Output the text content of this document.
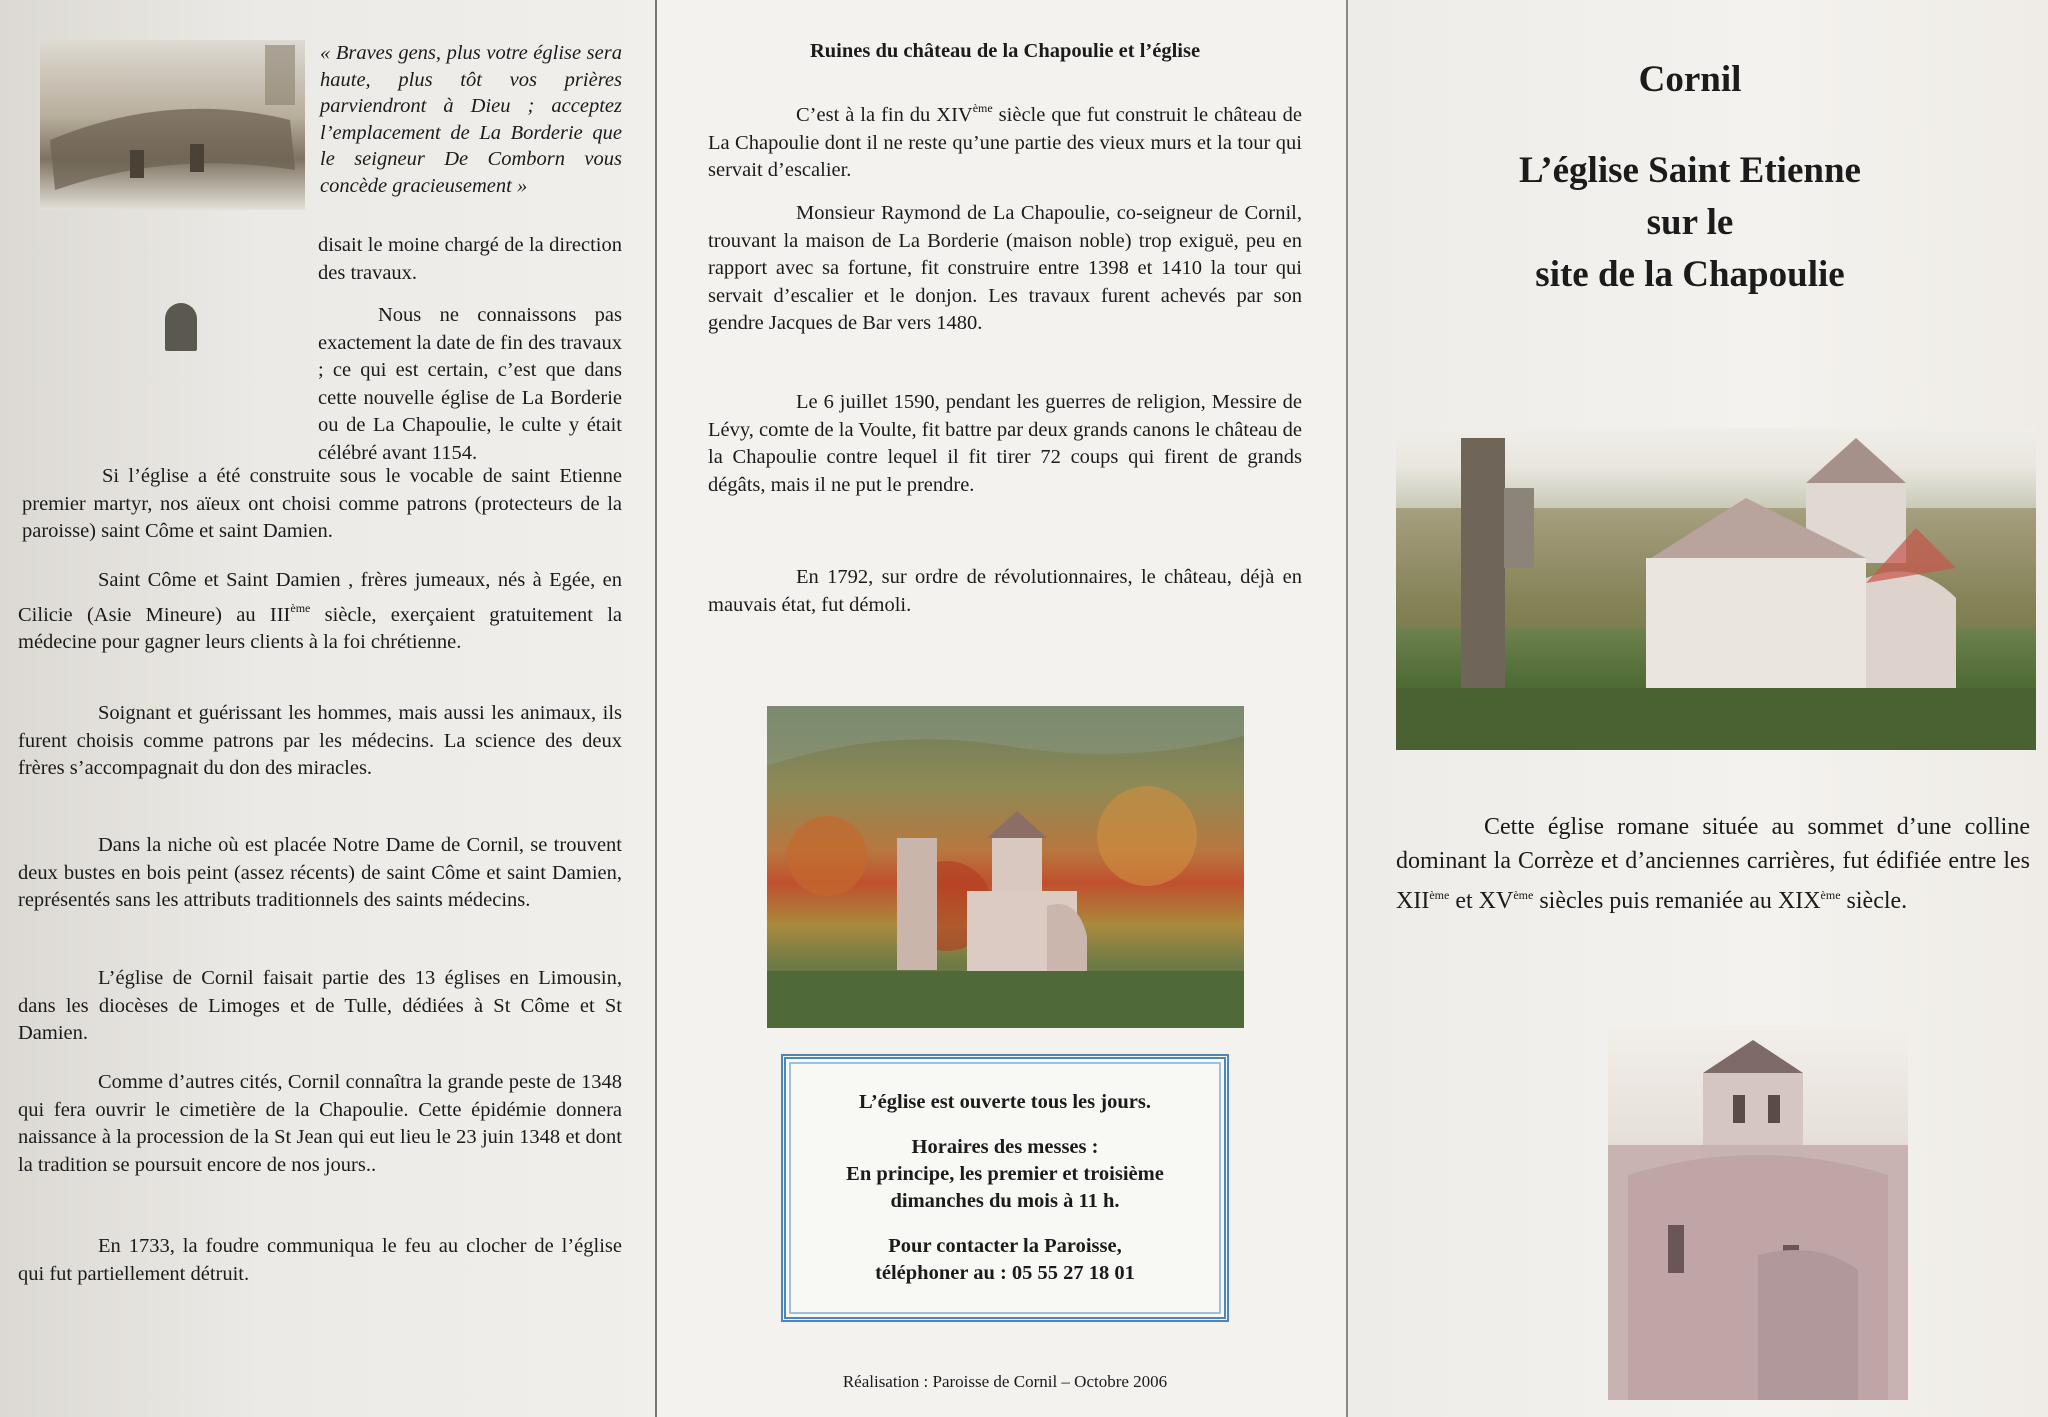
« Braves gens, plus votre église sera haute, plus tôt vos prières parviendront à Dieu ; acceptez l’emplacement de La Borderie que le seigneur De Comborn vous concède gracieusement »
disait le moine chargé de la direction des travaux.
Nous ne connaissons pas exactement la date de fin des travaux ; ce qui est certain, c’est que dans cette nouvelle église de La Borderie ou de La Chapoulie, le culte y était célébré avant 1154.
Si l’église a été construite sous le vocable de saint Etienne premier martyr, nos aïeux ont choisi comme patrons (protecteurs de la paroisse) saint Côme et saint Damien.
Saint Côme et Saint Damien , frères jumeaux, nés à Egée, en Cilicie (Asie Mineure) au IIIème siècle, exerçaient gratuitement la médecine pour gagner leurs clients à la foi chrétienne.
Soignant et guérissant les hommes, mais aussi les animaux, ils furent choisis comme patrons par les médecins. La science des deux frères s’accompagnait du don des miracles.
Dans la niche où est placée Notre Dame de Cornil, se trouvent deux bustes en bois peint (assez récents) de saint Côme et saint Damien, représentés sans les attributs traditionnels des saints médecins.
L’église de Cornil faisait partie des 13 églises en Limousin, dans les diocèses de Limoges et de Tulle, dédiées à St Côme et St Damien.
Comme d’autres cités, Cornil connaîtra la grande peste de 1348 qui fera ouvrir le cimetière de la Chapoulie. Cette épidémie donnera naissance à la procession de la St Jean qui eut lieu le 23 juin 1348 et dont la tradition se poursuit encore de nos jours..
En 1733, la foudre communiqua le feu au clocher de l’église qui fut partiellement détruit.
Ruines du château de la Chapoulie et l’église
C’est à la fin du XIVème siècle que fut construit le château de La Chapoulie dont il ne reste qu’une partie des vieux murs et la tour qui servait d’escalier.
Monsieur Raymond de La Chapoulie, co-seigneur de Cornil, trouvant la maison de La Borderie (maison noble) trop exiguë, peu en rapport avec sa fortune, fit construire entre 1398 et 1410 la tour qui servait d’escalier et le donjon. Les travaux furent achevés par son gendre Jacques de Bar vers 1480.
Le 6 juillet 1590, pendant les guerres de religion, Messire de Lévy, comte de la Voulte, fit battre par deux grands canons le château de la Chapoulie contre lequel il fit tirer 72 coups qui firent de grands dégâts, mais il ne put le prendre.
En 1792, sur ordre de révolutionnaires, le château, déjà en mauvais état, fut démoli.

L’église est ouverte tous les jours.

Horaires des messes :
En principe, les premier et troisième

dimanches du mois à 11 h.

Pour contacter la Paroisse,
téléphoner au : 05 55 27 18 01
Réalisation : Paroisse de Cornil – Octobre 2006
Cornil
L’église Saint Etienne
sur le
site de la Chapoulie
Cette église romane située au sommet d’une colline dominant la Corrèze et d’anciennes carrières, fut édifiée entre les XIIème et XVème siècles puis remaniée au XIXème siècle.
